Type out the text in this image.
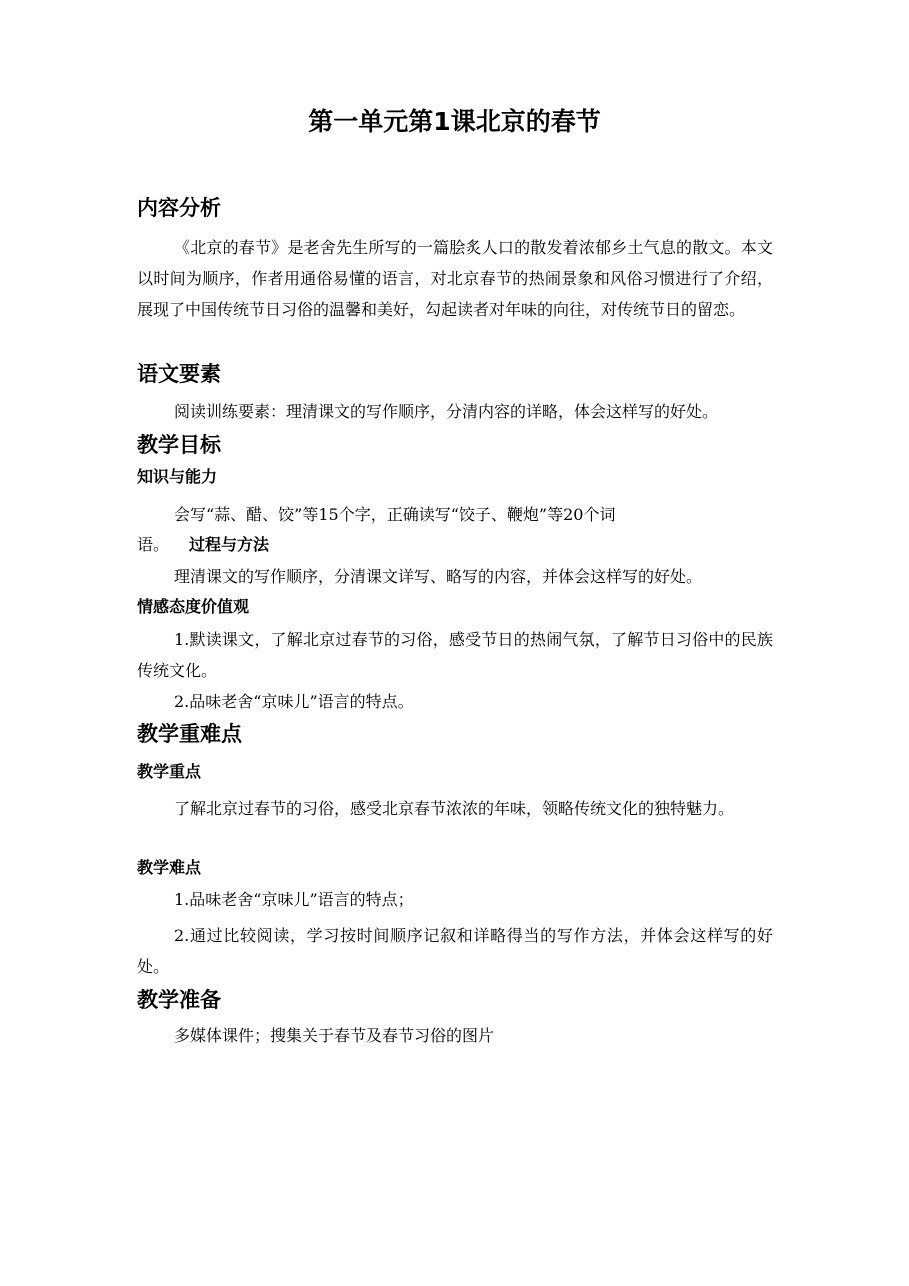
第一单元第1课北京的春节
内容分析

《北京的春节》是老舍先生所写的一篇脍炙人口的散发着浓郁乡土气息的散文。本文以时间为顺序，作者用通俗易懂的语言，对北京春节的热闹景象和风俗习惯进行了介绍，展现了中国传统节日习俗的温馨和美好，勾起读者对年味的向往，对传统节日的留恋。

语文要素

阅读训练要素：理清课文的写作顺序，分清内容的详略，体会这样写的好处。

教学目标
知识与能力
会写“蒜、醋、饺”等15个字，正确读写“饺子、鞭炮”等20个词
语。 过程与方法
理清课文的写作顺序，分清课文详写、略写的内容，并体会这样写的好处。
情感态度价值观

1.默读课文，了解北京过春节的习俗，感受节日的热闹气氛，了解节日习俗中的民族传统文化。

2.品味老舍“京味儿”语言的特点。

教学重难点
教学重点

了解北京过春节的习俗，感受北京春节浓浓的年味，领略传统文化的独特魅力。

教学难点
1.品味老舍“京味儿”语言的特点；

2.通过比较阅读，学习按时间顺序记叙和详略得当的写作方法，并体会这样写的好处。

教学准备
多媒体课件；搜集关于春节及春节习俗的图片
